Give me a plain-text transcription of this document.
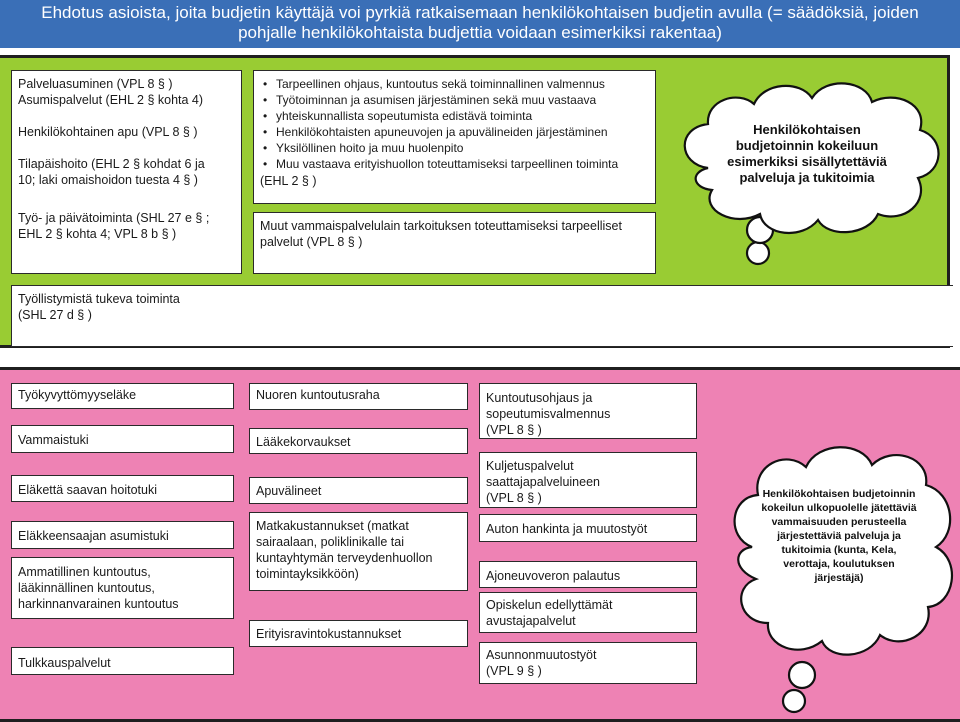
Ehdotus asioista, joita budjetin käyttäjä voi pyrkiä ratkaisemaan henkilökohtaisen budjetin avulla (= säädöksiä, joiden
pohjalle henkilökohtaista budjettia voidaan esimerkiksi rakentaa)
Palveluasuminen (VPL 8 § )
Asumispalvelut (EHL 2 § kohta 4)
Henkilökohtainen apu (VPL 8 § )
Tilapäishoito (EHL 2 § kohdat 6 ja
10; laki omaishoidon tuesta 4 § )
Työ- ja päivätoiminta (SHL 27 e § ;
EHL 2 § kohta 4; VPL 8 b § )
Työllistymistä tukeva toiminta
(SHL 27 d § )
• Tarpeellinen ohjaus, kuntoutus sekä toiminnallinen valmennus
• Työtoiminnan ja asumisen järjestäminen sekä muu vastaava
• yhteiskunnallista sopeutumista edistävä toiminta
• Henkilökohtaisten apuneuvojen ja apuvälineiden järjestäminen
• Yksilöllinen hoito ja muu huolenpito
• Muu vastaava erityishuollon toteuttamiseksi tarpeellinen toiminta
(EHL 2 § )
Muut vammaispalvelulain tarkoituksen toteuttamiseksi tarpeelliset
palvelut (VPL 8 § )
Henkilökohtaisen
budjetoinnin kokeiluun
esimerkiksi sisällytettäviä
palveluja ja tukitoimia
Työkyvyttömyyseläke
Vammaistuki
Eläkettä saavan hoitotuki
Eläkkeensaajan asumistuki
Ammatillinen kuntoutus,
lääkinnällinen kuntoutus,
harkinnanvarainen kuntoutus
Tulkkauspalvelut
Nuoren kuntoutusraha
Lääkekorvaukset
Apuvälineet
Matkakustannukset (matkat
sairaalaan, poliklinikalle tai
kuntayhtymän terveydenhuollon
toimintayksikköön)
Erityisravintokustannukset
Kuntoutusohjaus ja
sopeutumisvalmennus
(VPL 8 § )
Kuljetuspalvelut
saattajapalveluineen
(VPL 8 § )
Auton hankinta ja muutostyöt
Ajoneuvoveron palautus
Opiskelun edellyttämät
avustajapalvelut
Asunnonmuutostyöt
(VPL 9 § )
Henkilökohtaisen budjetoinnin
kokeilun ulkopuolelle jätettäviä
vammaisuuden perusteella
järjestettäviä palveluja ja
tukitoimia (kunta, Kela,
verottaja, koulutuksen
järjestäjä)
